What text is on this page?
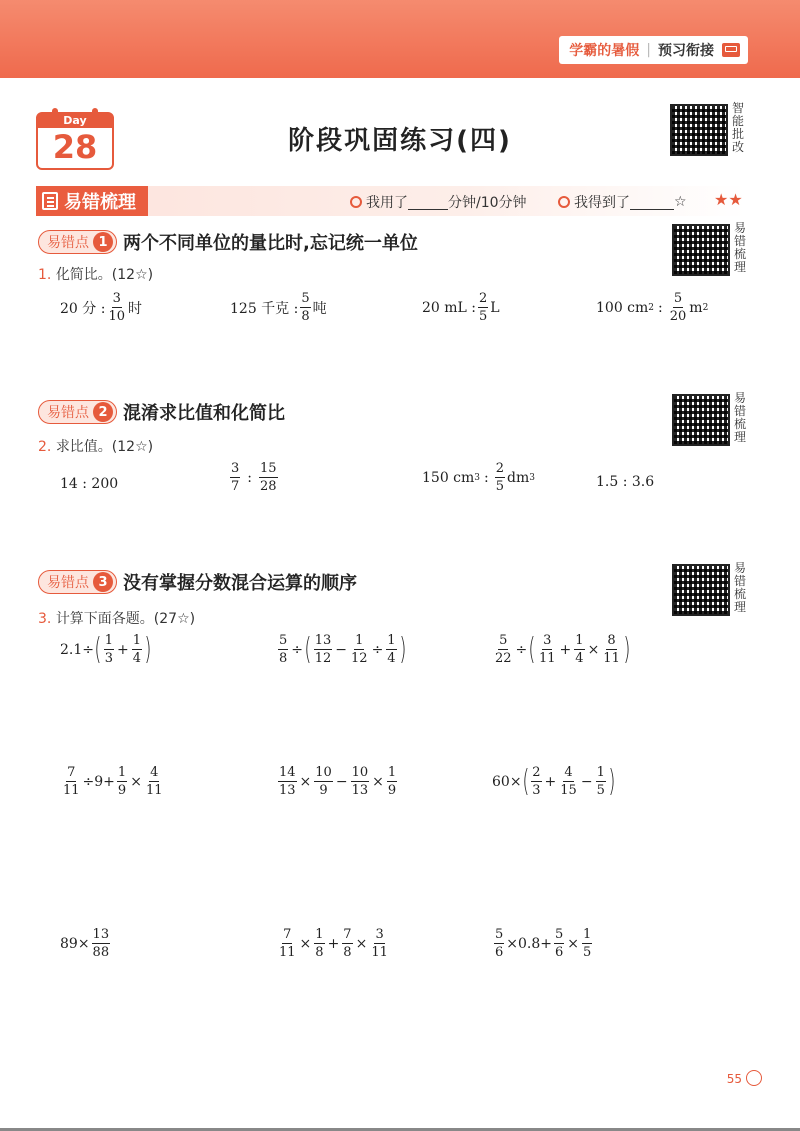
学霸的暑假 | 预习衔接
Day
28	阶段巩固练习(四)
智
能
批
改
易错梳理	我用了	分钟/10分钟	我得到了	☆ ★★
易错点 1 两个不同单位的量比时,忘记统一单位
易
错
梳
理
1. 化简比。(12☆)
20 分 : $\frac{3}{10}$ 时	125 千克 : $\frac{5}{8}$ 吨	20 mL : $\frac{2}{5}$ L	100 cm 2 : $\frac{5}{20}$ m 2
易错点 2 混淆求比值和化简比
易
错
梳
理
2. 求比值。(12☆)
14 : 200	$\frac{3}{7}$ : $\frac{15}{28}$	150 cm 3 : $\frac{2}{5}$ dm 3	1.5 : 3.6
易错点 3 没有掌握分数混合运算的顺序
易
错
梳
理
3. 计算下面各题。(27☆)
2.1÷ ( $\frac{1}{3} + \frac{1}{4}$ )	$\frac{5}{8}$ ÷ ( $\frac{13}{12} - \frac{1}{12} \div \frac{1}{4}$ )	$\frac{5}{22}$ ÷ ( $\frac{3}{11} + \frac{1}{4} \times \frac{8}{11}$ )
$\frac{7}{11} \div 9+ \frac{1}{9} \times \frac{4}{11}$	$\frac{14}{13} \times \frac{10}{9} - \frac{10}{13} \times \frac{1}{9}$	60× ( $\frac{2}{3} + \frac{4}{15} - \frac{1}{5}$ )
$89\times \frac{13}{88}$	$\frac{7}{11} \times \frac{1}{8} + \frac{7}{8} \times \frac{3}{11}$	$\frac{5}{6} \times 0.8+ \frac{5}{6} \times \frac{1}{5}$
55
